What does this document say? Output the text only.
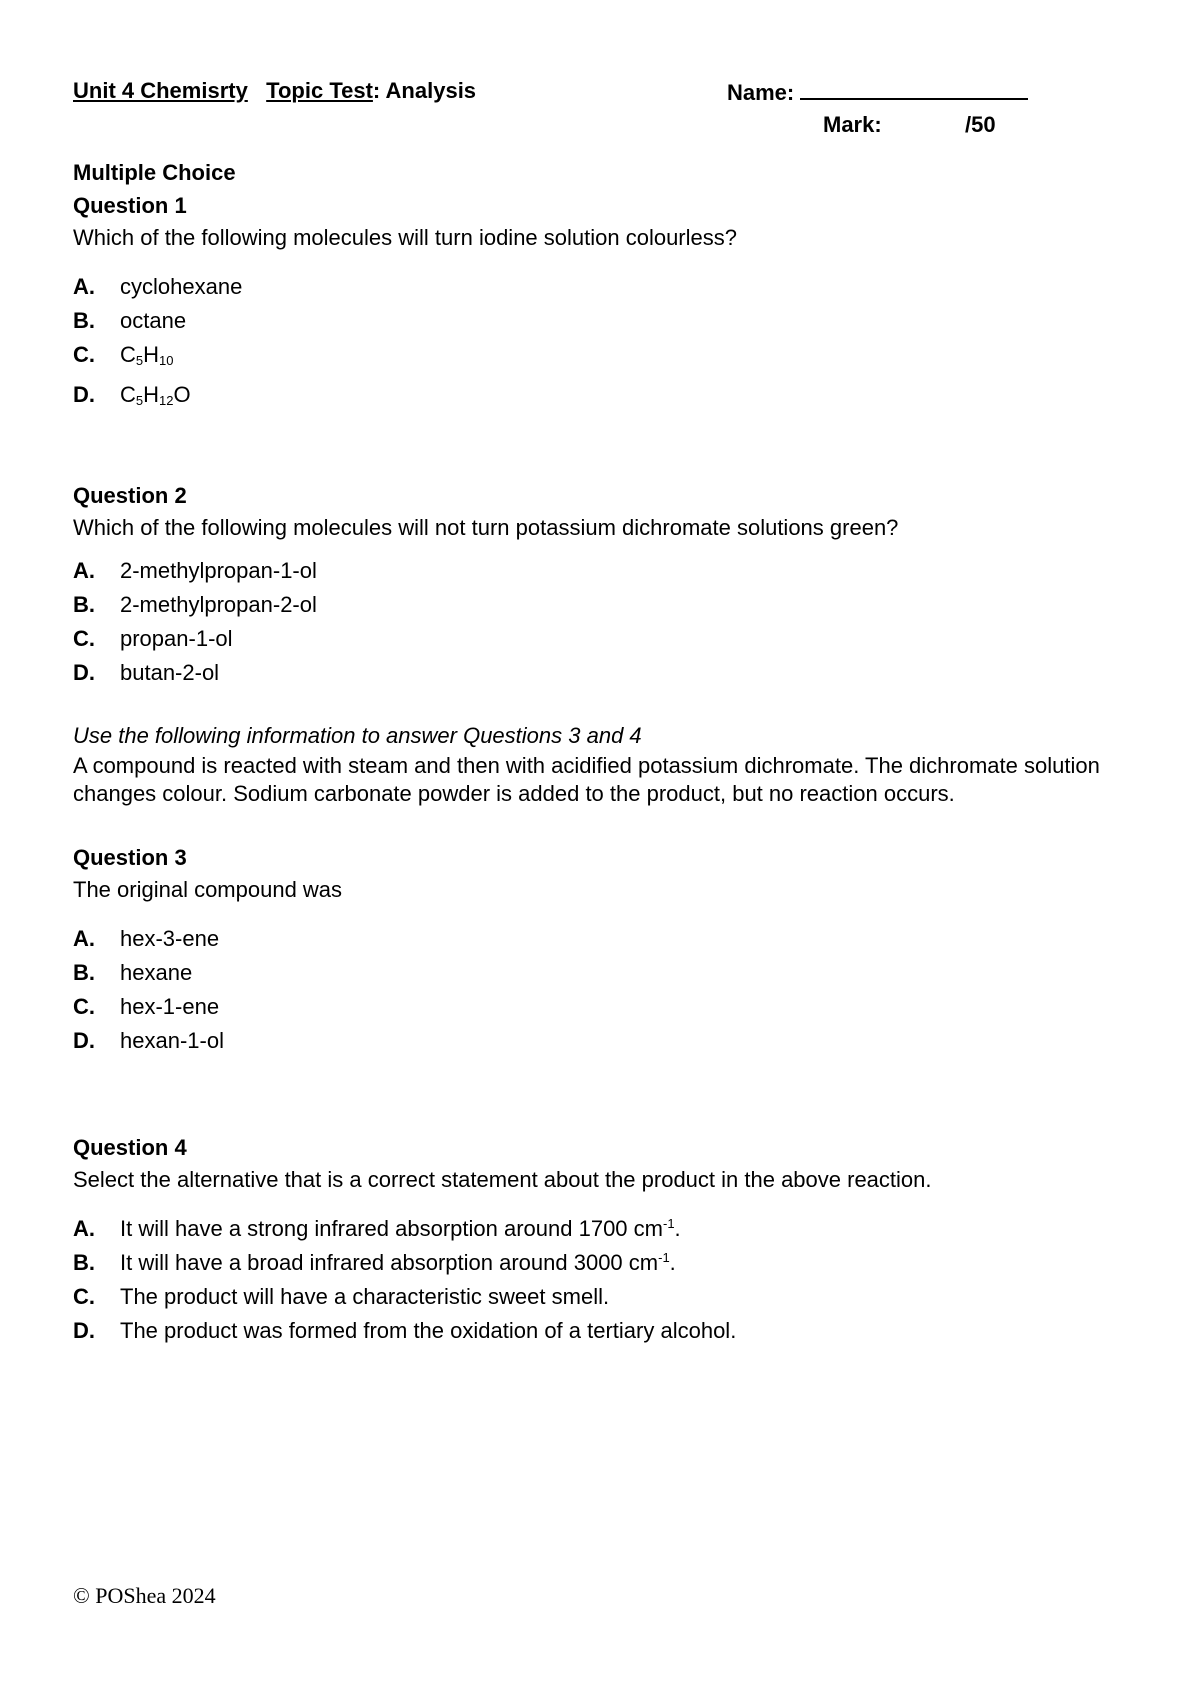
Unit 4 Chemisrty Topic Test: Analysis	Name:
Mark:	/50
Multiple Choice
Question 1
Which of the following molecules will turn iodine solution colourless?
A.	cyclohexane
B.	octane
C.	$C_5H_{10}$
D.	$C_5H_{12}O$
Question 2
Which of the following molecules will not turn potassium dichromate solutions green?
A.	2-methylpropan-1-ol
B.	2-methylpropan-2-ol
C.	propan-1-ol
D.	butan-2-ol
Use the following information to answer Questions 3 and 4
A compound is reacted with steam and then with acidified potassium dichromate. The dichromate solution changes colour. Sodium carbonate powder is added to the product, but no reaction occurs.
Question 3
The original compound was
A.	hex-3-ene
B.	hexane
C.	hex-1-ene
D.	hexan-1-ol
Question 4
Select the alternative that is a correct statement about the product in the above reaction.
A.	It will have a strong infrared absorption around 1700 $cm^{-1}$.
B.	It will have a broad infrared absorption around 3000 $cm^{-1}$.
C.	The product will have a characteristic sweet smell.
D.	The product was formed from the oxidation of a tertiary alcohol.
© POShea 2024
